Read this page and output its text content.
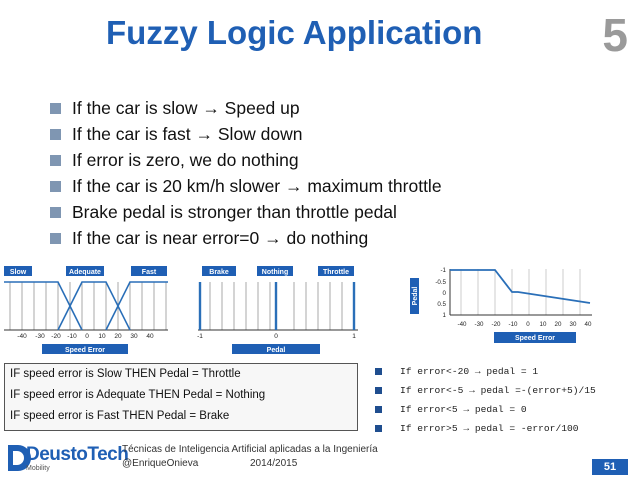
Fuzzy Logic Application	5
If the car is slow → Speed up
If the car is fast → Slow down
If error is zero, we do nothing
If the car is 20 km/h slower → maximum throttle
Brake pedal is stronger than throttle pedal
If the car is near error=0 → do nothing
Slow	Adequate	Fast
-40 -30 -20 -10 0 10 20 30 40
Speed Error
Brake	Nothing	Throttle
-1	0	1
Pedal
Pedal
-1
-0.5
0
0.5
1
-40 -30 -20 -10 0 10 20 30 40
Speed Error
IF speed error is Slow THEN Pedal = Throttle
IF speed error is Adequate THEN Pedal = Nothing
IF speed error is Fast THEN Pedal = Brake
If error<-20 → pedal = 1
If error<-5 → pedal =-(error+5)/15
If error<5 → pedal = 0
If error>5 → pedal = -error/100
DeustoTech
Mobility
Técnicas de Inteligencia Artificial aplicadas a la Ingeniería
@EnriqueOnieva	2014/2015	51
